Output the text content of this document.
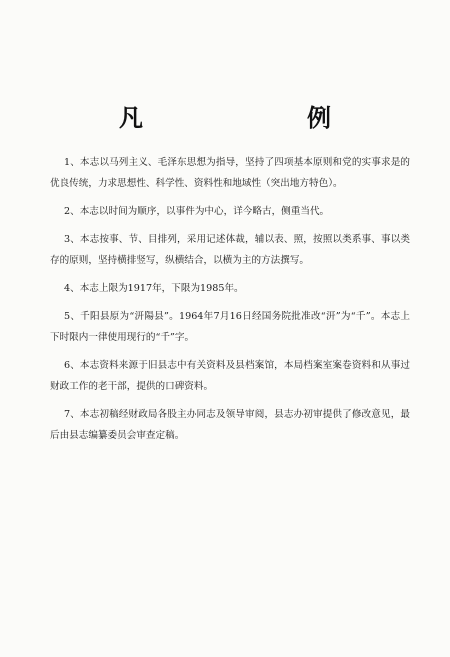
凡　例

1、本志以马列主义、毛泽东思想为指导，坚持了四项基本原则和党的实事求是的优良传统，力求思想性、科学性、资料性和地域性（突出地方特色）。

2、本志以时间为顺序，以事件为中心，详今略古，侧重当代。

3、本志按事、节、目排列，采用记述体裁，辅以表、照，按照以类系事、事以类存的原则，坚持横排竖写，纵横结合，以横为主的方法撰写。

4、本志上限为1917年，下限为1985年。

5、千阳县原为“汧陽县”。1964年7月16日经国务院批准改“汧”为“千”。本志上下时限内一律使用现行的“千”字。

6、本志资料来源于旧县志中有关资料及县档案馆，本局档案室案卷资料和从事过财政工作的老干部，提供的口碑资料。

7、本志初稿经财政局各股主办同志及领导审阅，县志办初审提供了修改意见，最后由县志编纂委员会审查定稿。
